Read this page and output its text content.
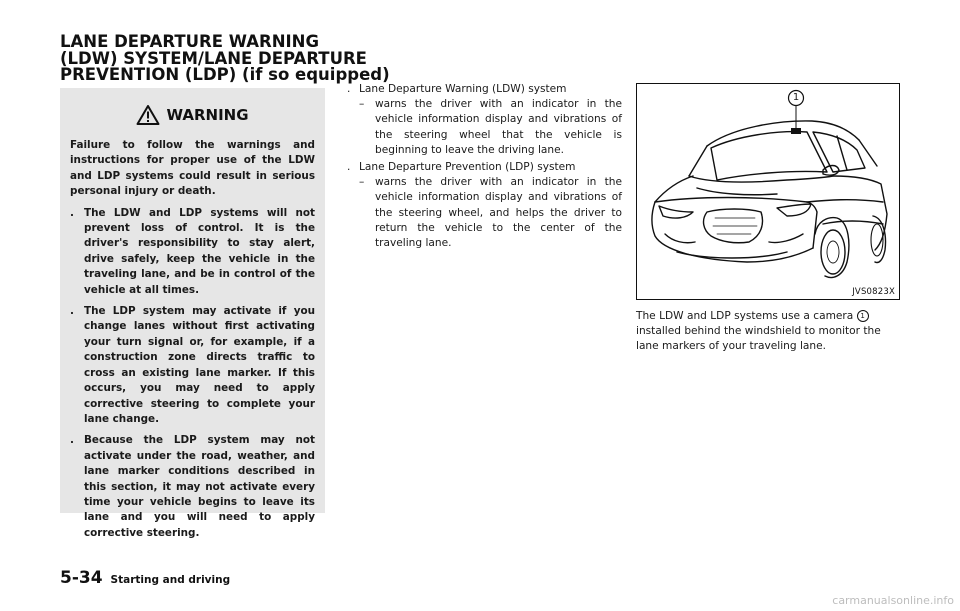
LANE DEPARTURE WARNING
(LDW) SYSTEM/LANE DEPARTURE
PREVENTION (LDP) (if so equipped)
WARNING

Failure to follow the warnings and instructions for proper use of the LDW and LDP systems could result in serious personal injury or death.

. The LDW and LDP systems will not prevent loss of control. It is the driver's responsibility to stay alert, drive safely, keep the vehicle in the traveling lane, and be in control of the vehicle at all times.
. The LDP system may activate if you change lanes without first activating your turn signal or, for example, if a construction zone directs traffic to cross an existing lane marker. If this occurs, you may need to apply corrective steering to complete your lane change.
. Because the LDP system may not activate under the road, weather, and lane marker conditions described in this section, it may not activate every time your vehicle begins to leave its lane and you will need to apply corrective steering.
. Lane Departure Warning (LDW) system
–	warns the driver with an indicator in the vehicle information display and vibrations of the steering wheel that the vehicle is beginning to leave the driving lane.
. Lane Departure Prevention (LDP) system
–	warns the driver with an indicator in the vehicle information display and vibrations of the steering wheel, and helps the driver to return the vehicle to the center of the traveling lane.
1
JVS0823X
The LDW and LDP systems use a camera 1 installed behind the windshield to monitor the lane markers of your traveling lane.
5-34 Starting and driving
carmanualsonline.info
